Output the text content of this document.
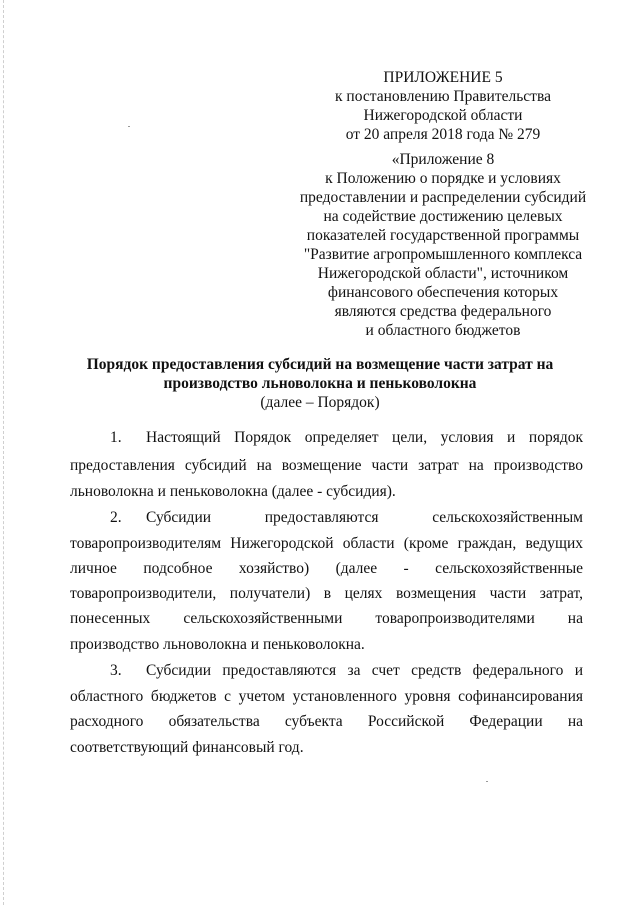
ПРИЛОЖЕНИЕ 5
к постановлению Правительства
Нижегородской области
от 20 апреля 2018 года № 279
«Приложение 8
к Положению о порядке и условиях
предоставлении и распределении субсидий
на содействие достижению целевых
показателей государственной программы
"Развитие агропромышленного комплекса
Нижегородской области", источником
финансового обеспечения которых
являются средства федерального
и областного бюджетов
Порядок предоставления субсидий на возмещение части затрат на
производство льноволокна и пеньковолокна
(далее – Порядок)
1. Настоящий Порядок определяет цели, условия и порядок
предоставления субсидий на возмещение части затрат на производство
льноволокна и пеньковолокна (далее - субсидия).
2. Субсидии предоставляются сельскохозяйственным
товаропроизводителям Нижегородской области (кроме граждан, ведущих
личное подсобное хозяйство) (далее - сельскохозяйственные
товаропроизводители, получатели) в целях возмещения части затрат,
понесенных сельскохозяйственными товаропроизводителями на
производство льноволокна и пеньковолокна.
3. Субсидии предоставляются за счет средств федерального и
областного бюджетов с учетом установленного уровня софинансирования
расходного обязательства субъекта Российской Федерации на
соответствующий финансовый год.
